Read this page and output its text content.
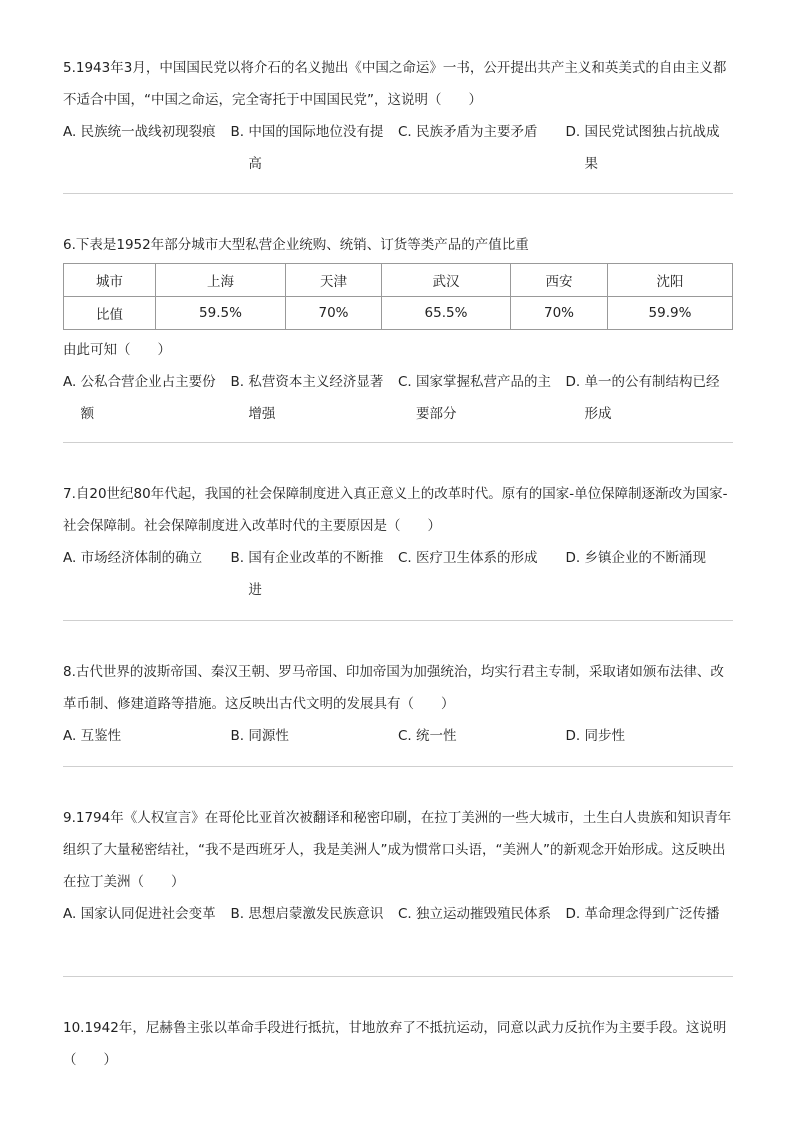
5.1943年3月，中国国民党以将介石的名义抛出《中国之命运》一书，公开提出共产主义和英美式的自由主义都不适合中国，“中国之命运，完全寄托于中国国民党”，这说明（　　）

A.
民族统一战线初现裂痕	B.
中国的国际地位没有提高
C.
民族矛盾为主要矛盾	D.
国民党试图独占抗战成果

6.下表是1952年部分城市大型私营企业统购、统销、订货等类产品的产值比重

城市	上海	天津	武汉	西安	沈阳
比值	59.5%	70%	65.5%	70%	59.9%

由此可知（　　）

A.
公私合营企业占主要份额
B.
私营资本主义经济显著增强
C.
国家掌握私营产品的主要部分
D.
单一的公有制结构已经形成

7.自20世纪80年代起，我国的社会保障制度进入真正意义上的改革时代。原有的国家-单位保障制逐渐改为国家-社会保障制。社会保障制度进入改革时代的主要原因是（　　）

A.
市场经济体制的确立	B.
国有企业改革的不断推进
C.
医疗卫生体系的形成	D.
乡镇企业的不断涌现

8.古代世界的波斯帝国、秦汉王朝、罗马帝国、印加帝国为加强统治，均实行君主专制，采取诸如颁布法律、改革币制、修建道路等措施。这反映出古代文明的发展具有（　　）

A.
互鉴性	B.
同源性	C.
统一性	D.
同步性

9.1794年《人权宣言》在哥伦比亚首次被翻译和秘密印刷，在拉丁美洲的一些大城市，土生白人贵族和知识青年组织了大量秘密结社，“我不是西班牙人，我是美洲人”成为惯常口头语，“美洲人”的新观念开始形成。这反映出在拉丁美洲（　　）

A.
国家认同促进社会变革	B.
思想启蒙激发民族意识	C.
独立运动摧毁殖民体系	D.
革命理念得到广泛传播

10.1942年，尼赫鲁主张以革命手段进行抵抗，甘地放弃了不抵抗运动，同意以武力反抗作为主要手段。这说明（　　）
